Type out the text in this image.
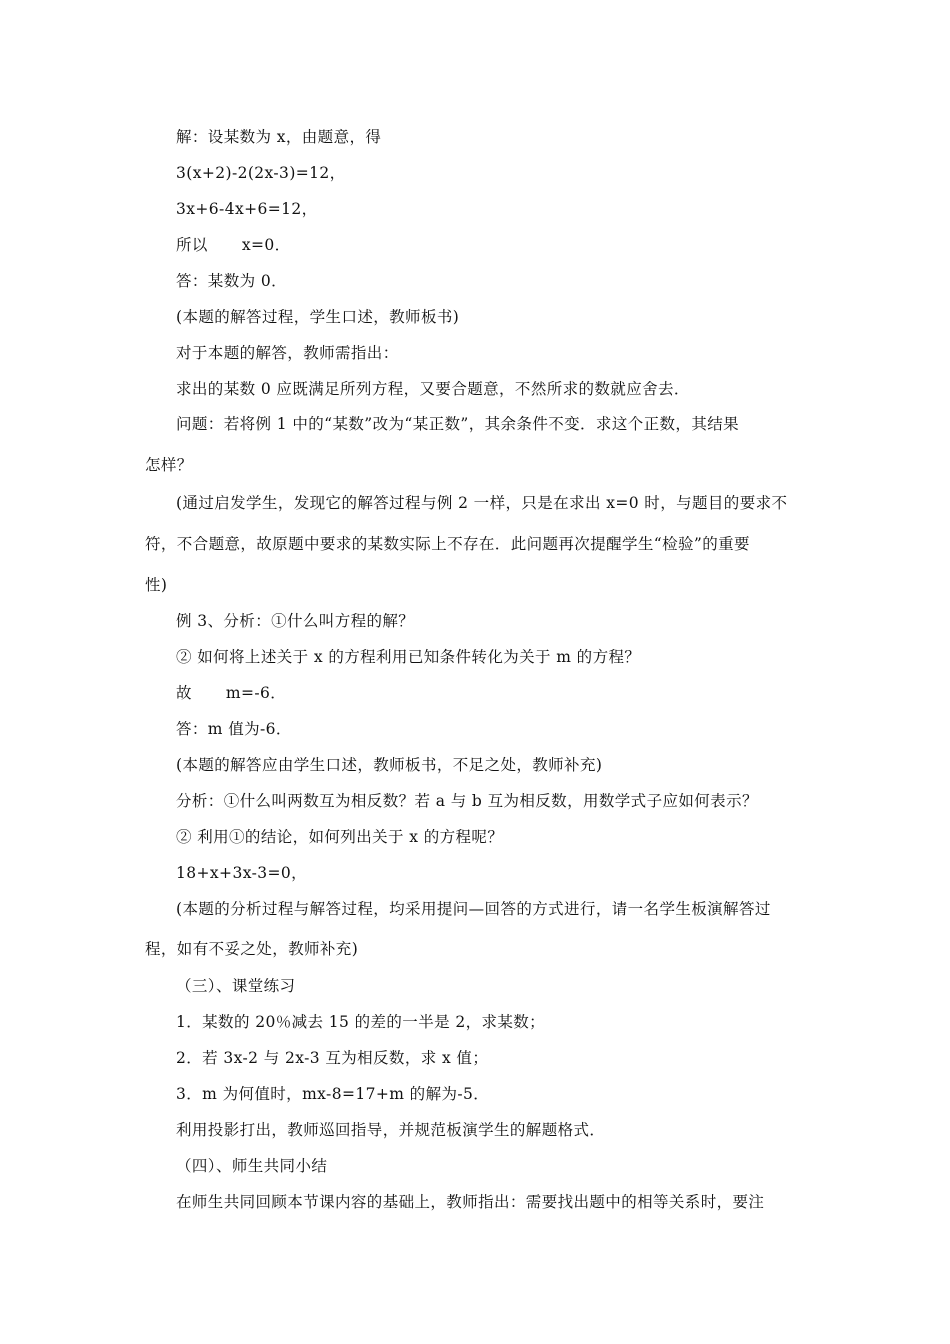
解：设某数为 x，由题意，得
3(x+2)-2(2x-3)=12，
3x+6-4x+6=12，
所以 x=0．
答：某数为 0．
(本题的解答过程，学生口述，教师板书)
对于本题的解答，教师需指出：
求出的某数 0 应既满足所列方程，又要合题意，不然所求的数就应舍去．
问题：若将例 1 中的“某数”改为“某正数”，其余条件不变．求这个正数，其结果
怎样？
(通过启发学生，发现它的解答过程与例 2 一样，只是在求出 x=0 时，与题目的要求不
符，不合题意，故原题中要求的某数实际上不存在．此问题再次提醒学生“检验”的重要
性)
例 3、分析：①什么叫方程的解？
② 如何将上述关于 x 的方程利用已知条件转化为关于 m 的方程？
故 m=-6．
答：m 值为-6．
(本题的解答应由学生口述，教师板书，不足之处，教师补充)
分析：①什么叫两数互为相反数？若 a 与 b 互为相反数，用数学式子应如何表示？
② 利用①的结论，如何列出关于 x 的方程呢？
18+x+3x-3=0，
(本题的分析过程与解答过程，均采用提问—回答的方式进行，请一名学生板演解答过
程，如有不妥之处，教师补充)
（三）、课堂练习
1．某数的 20％减去 15 的差的一半是 2，求某数；
2．若 3x-2 与 2x-3 互为相反数，求 x 值；
3．m 为何值时，mx-8=17+m 的解为-5．
利用投影打出，教师巡回指导，并规范板演学生的解题格式．
（四）、师生共同小结
在师生共同回顾本节课内容的基础上，教师指出：需要找出题中的相等关系时，要注
